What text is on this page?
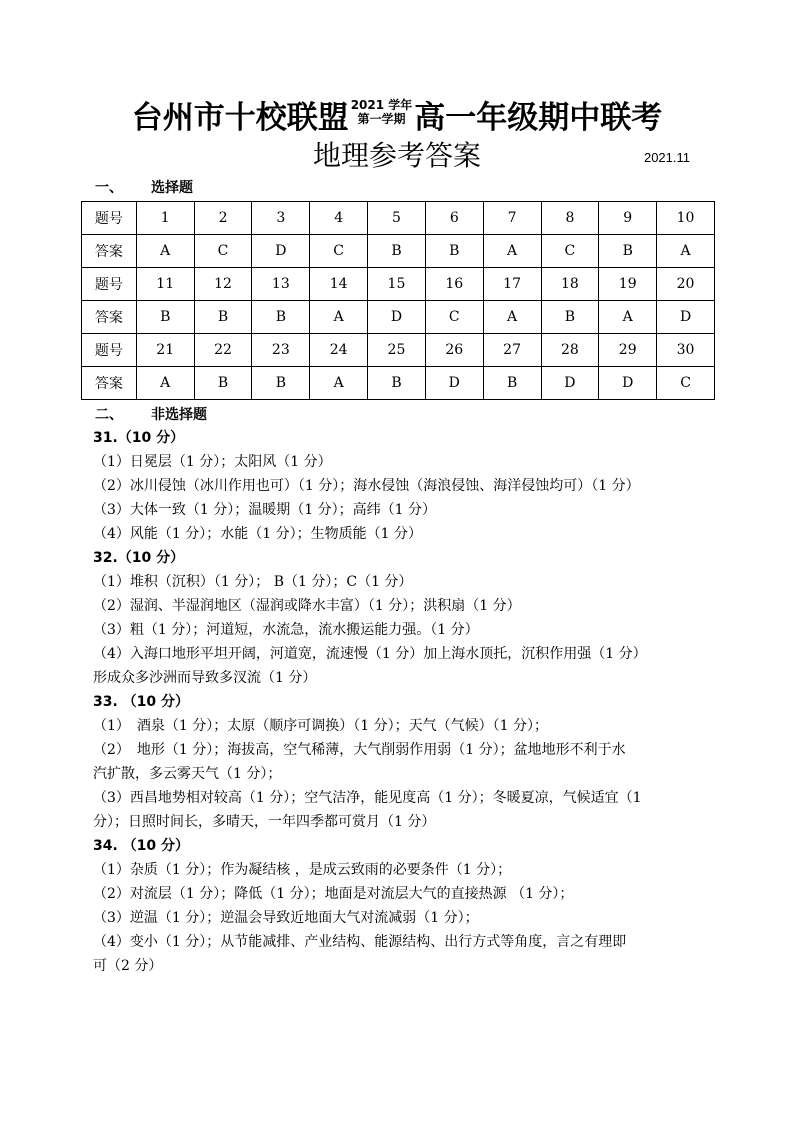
台州市十校联盟 2021 学年
第一学期 高一年级期中联考
地理参考答案	2021.11
一、 选择题
题号	1	2	3	4	5	6	7	8	9	10
答案	A	C	D	C	B	B	A	C	B	A
题号	11	12	13	14	15	16	17	18	19	20
答案	B	B	B	A	D	C	A	B	A	D
题号	21	22	23	24	25	26	27	28	29	30
答案	A	B	B	A	B	D	B	D	D	C
二、 非选择题
31.（10 分）
（1）日冕层（1 分）；太阳风（1 分）
（2）冰川侵蚀（冰川作用也可）（1 分）；海水侵蚀（海浪侵蚀、海洋侵蚀均可）（1 分）
（3）大体一致（1 分）；温暖期（1 分）；高纬（1 分）
（4）风能（1 分）；水能（1 分）；生物质能（1 分）
32.（10 分）
（1）堆积（沉积）（1 分）； B（1 分）；C（1 分）
（2）湿润、半湿润地区（湿润或降水丰富）（1 分）；洪积扇（1 分）
（3）粗（1 分）；河道短，水流急，流水搬运能力强。（1 分）
（4）入海口地形平坦开阔，河道宽，流速慢（1 分）加上海水顶托，沉积作用强（1 分）
形成众多沙洲而导致多汊流（1 分）
33. （10 分）
（1）　酒泉（1 分）；太原（顺序可调换）（1 分）；天气（气候）（1 分）；
（2）　地形（1 分）；海拔高，空气稀薄，大气削弱作用弱（1 分）；盆地地形不利于水
汽扩散，多云雾天气（1 分）；
（3）西昌地势相对较高（1 分）；空气洁净，能见度高（1 分）；冬暖夏凉，气候适宜（1
分）；日照时间长，多晴天，一年四季都可赏月（1 分）
34. （10 分）
（1）杂质（1 分）；作为凝结核 ，是成云致雨的必要条件（1 分）；
（2）对流层（1 分）；降低（1 分）；地面是对流层大气的直接热源 （1 分）；
（3）逆温（1 分）；逆温会导致近地面大气对流减弱（1 分）；
（4）变小（1 分）；从节能减排、产业结构、能源结构、出行方式等角度，言之有理即
可（2 分）
